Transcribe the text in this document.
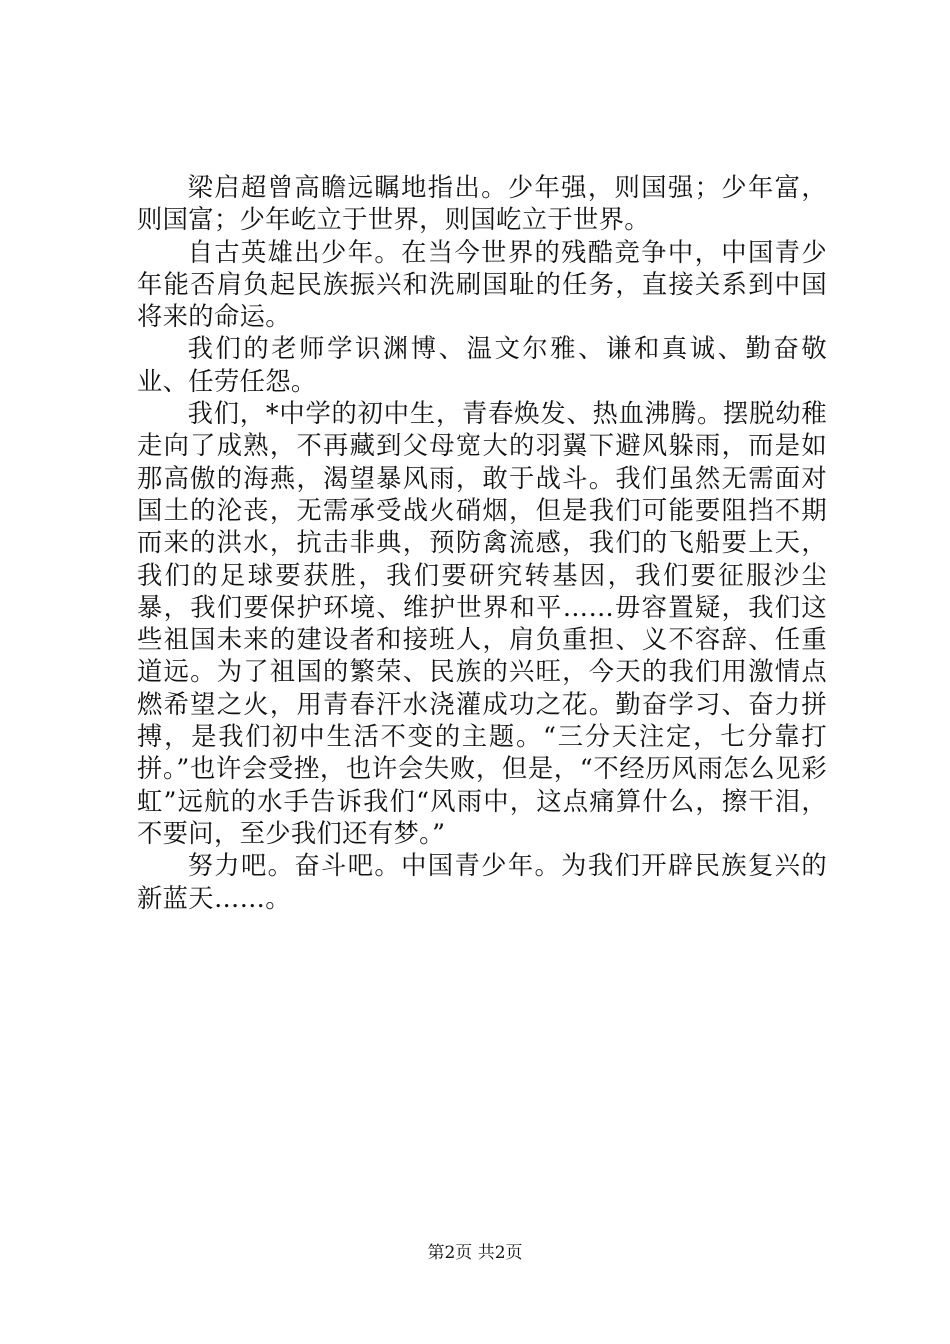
梁启超曾高瞻远瞩地指出。少年强，则国强；少年富，则国富；少年屹立于世界，则国屹立于世界。

自古英雄出少年。在当今世界的残酷竞争中，中国青少年能否肩负起民族振兴和洗刷国耻的任务，直接关系到中国将来的命运。

我们的老师学识渊博、温文尔雅、谦和真诚、勤奋敬业、任劳任怨。

我们，*中学的初中生，青春焕发、热血沸腾。摆脱幼稚走向了成熟，不再藏到父母宽大的羽翼下避风躲雨，而是如那高傲的海燕，渴望暴风雨，敢于战斗。我们虽然无需面对国土的沦丧，无需承受战火硝烟，但是我们可能要阻挡不期而来的洪水，抗击非典，预防禽流感，我们的飞船要上天，我们的足球要获胜，我们要研究转基因，我们要征服沙尘暴，我们要保护环境、维护世界和平……毋容置疑，我们这些祖国未来的建设者和接班人，肩负重担、义不容辞、任重道远。为了祖国的繁荣、民族的兴旺，今天的我们用激情点燃希望之火，用青春汗水浇灌成功之花。勤奋学习、奋力拼搏，是我们初中生活不变的主题。“三分天注定，七分靠打拼。”也许会受挫，也许会失败，但是，“不经历风雨怎么见彩虹”远航的水手告诉我们“风雨中，这点痛算什么，擦干泪，不要问，至少我们还有梦。”

努力吧。奋斗吧。中国青少年。为我们开辟民族复兴的新蓝天……。

第2页 共2页
